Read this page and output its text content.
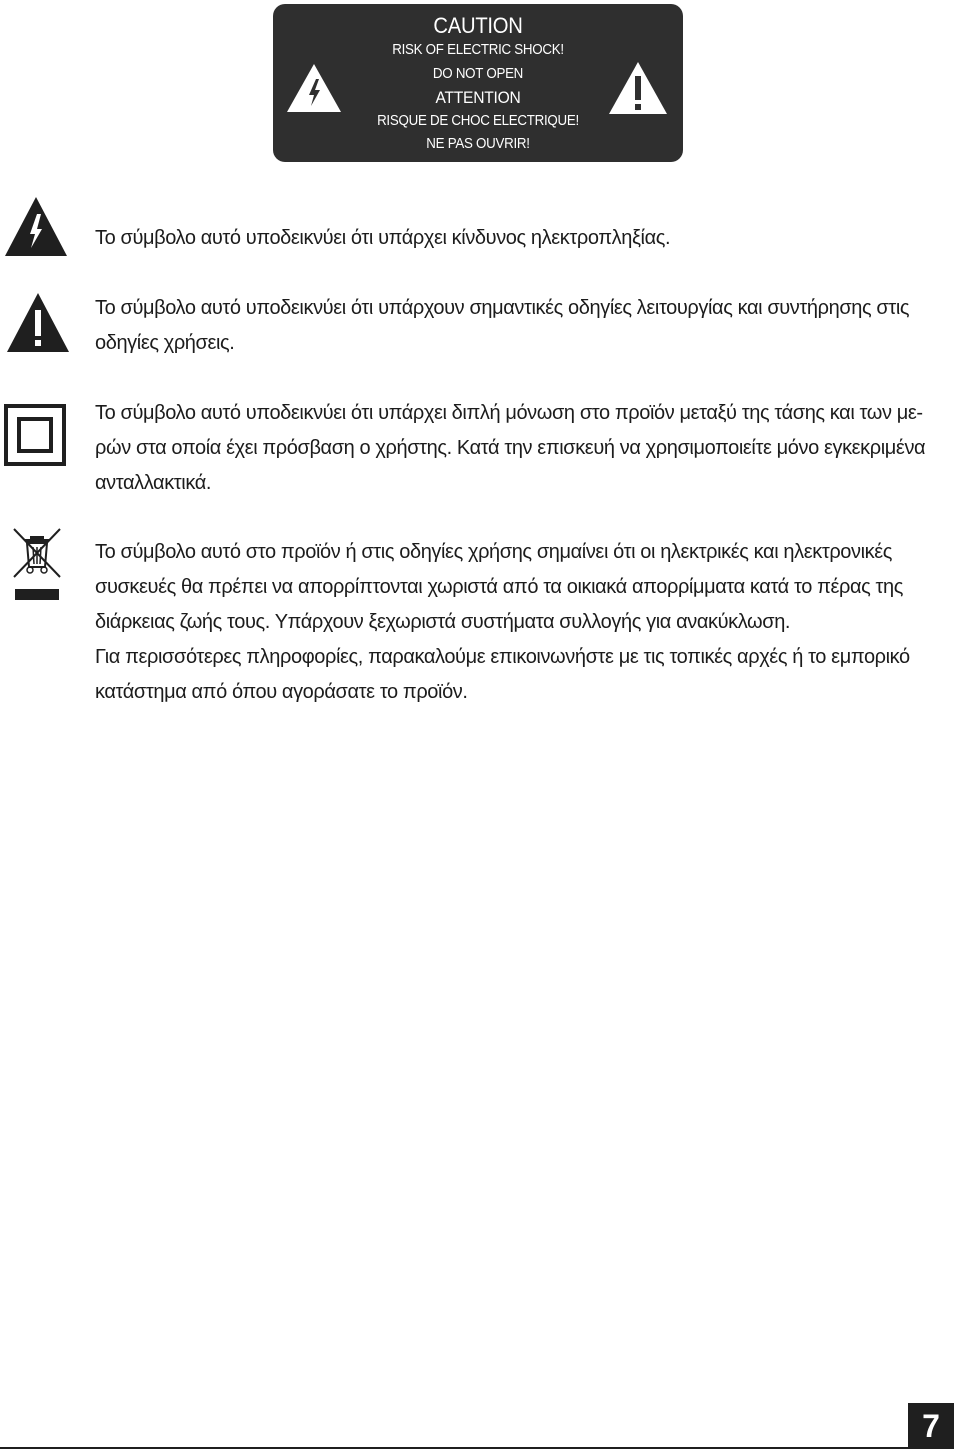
CAUTION
RISK OF ELECTRIC SHOCK!
DO NOT OPEN
ATTENTION
RISQUE DE CHOC ELECTRIQUE!
NE PAS OUVRIR!
Το σύμβολο αυτό υποδεικνύει ότι υπάρχει κίνδυνος ηλεκτροπληξίας.
Το σύμβολο αυτό υποδεικνύει ότι υπάρχουν σημαντικές οδηγίες λειτουργίας και συντήρησης στις
οδηγίες χρήσεις.
Το σύμβολο αυτό υποδεικνύει ότι υπάρχει διπλή μόνωση στο προϊόν μεταξύ της τάσης και των με-
ρών στα οποία έχει πρόσβαση ο χρήστης. Κατά την επισκευή να χρησιμοποιείτε μόνο εγκεκριμένα
ανταλλακτικά.
Το σύμβολο αυτό στο προϊόν ή στις οδηγίες χρήσης σημαίνει ότι οι ηλεκτρικές και ηλεκτρονικές
συσκευές θα πρέπει να απορρίπτονται χωριστά από τα οικιακά απορρίμματα κατά το πέρας της
διάρκειας ζωής τους. Υπάρχουν ξεχωριστά συστήματα συλλογής για ανακύκλωση.
Για περισσότερες πληροφορίες, παρακαλούμε επικοινωνήστε με τις τοπικές αρχές ή το εμπορικό
κατάστημα από όπου αγοράσατε το προϊόν.
7
